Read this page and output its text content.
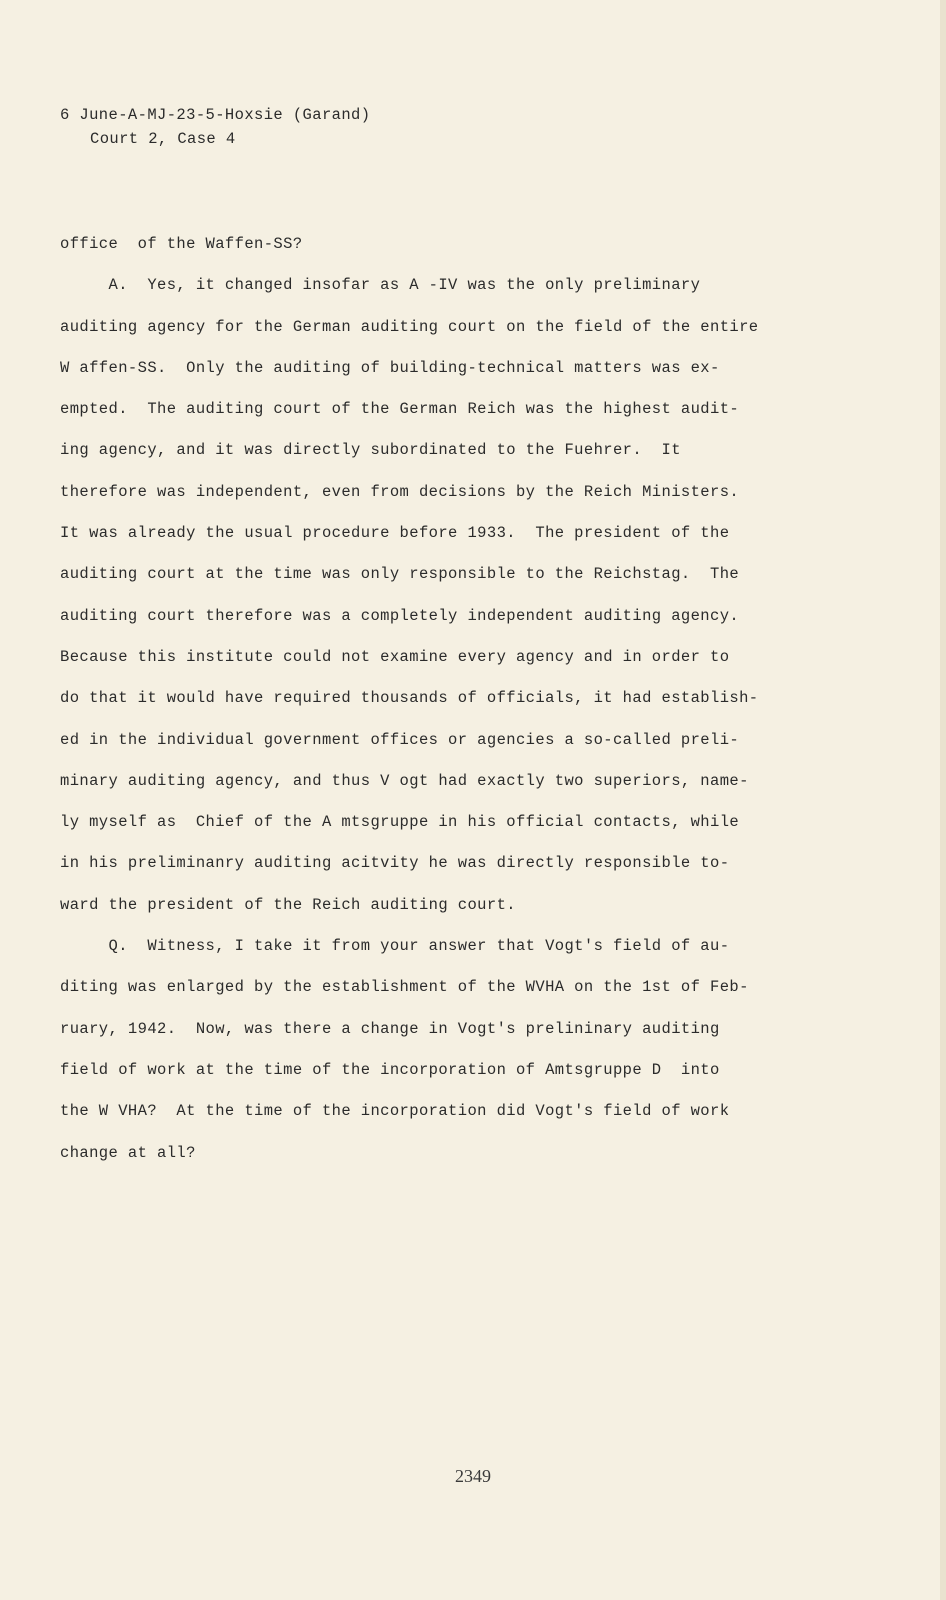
6 June-A-MJ-23-5-Hoxsie (Garand)
Court 2, Case 4
office  of the Waffen-SS?
A.  Yes, it changed insofar as A -IV was the only preliminary
auditing agency for the German auditing court on the field of the entire
W affen-SS.  Only the auditing of building-technical matters was ex-
empted.  The auditing court of the German Reich was the highest audit-
ing agency, and it was directly subordinated to the Fuehrer.  It
therefore was independent, even from decisions by the Reich Ministers.
It was already the usual procedure before 1933.  The president of the
auditing court at the time was only responsible to the Reichstag.  The
auditing court therefore was a completely independent auditing agency.
Because this institute could not examine every agency and in order to
do that it would have required thousands of officials, it had establish-
ed in the individual government offices or agencies a so-called preli-
minary auditing agency, and thus V ogt had exactly two superiors, name-
ly myself as  Chief of the A mtsgruppe in his official contacts, while
in his preliminanry auditing acitvity he was directly responsible to-
ward the president of the Reich auditing court.
Q.  Witness, I take it from your answer that Vogt's field of au-
diting was enlarged by the establishment of the WVHA on the 1st of Feb-
ruary, 1942.  Now, was there a change in Vogt's prelininary auditing
field of work at the time of the incorporation of Amtsgruppe D  into
the W VHA?  At the time of the incorporation did Vogt's field of work
change at all?
2349
